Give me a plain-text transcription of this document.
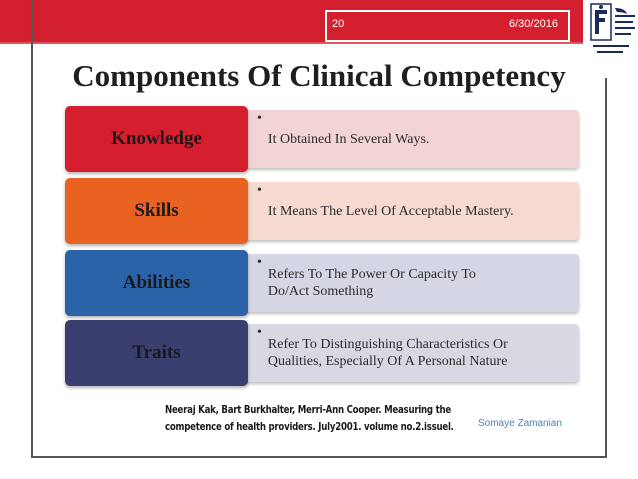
20	6/30/2016
Components Of Clinical Competency
•
It Obtained In Several Ways.
Knowledge
•
It Means The Level Of Acceptable Mastery.
Skills
•
Refers To The Power Or Capacity To
Do/Act Something
Abilities
•
Refer To Distinguishing Characteristics Or
Qualities, Especially Of A Personal Nature
Traits
Neeraj Kak, Bart Burkhalter, Merri-Ann Cooper. Measuring the
competence of health providers. July2001. volume no.2.issuel. Somaye Zamanian
